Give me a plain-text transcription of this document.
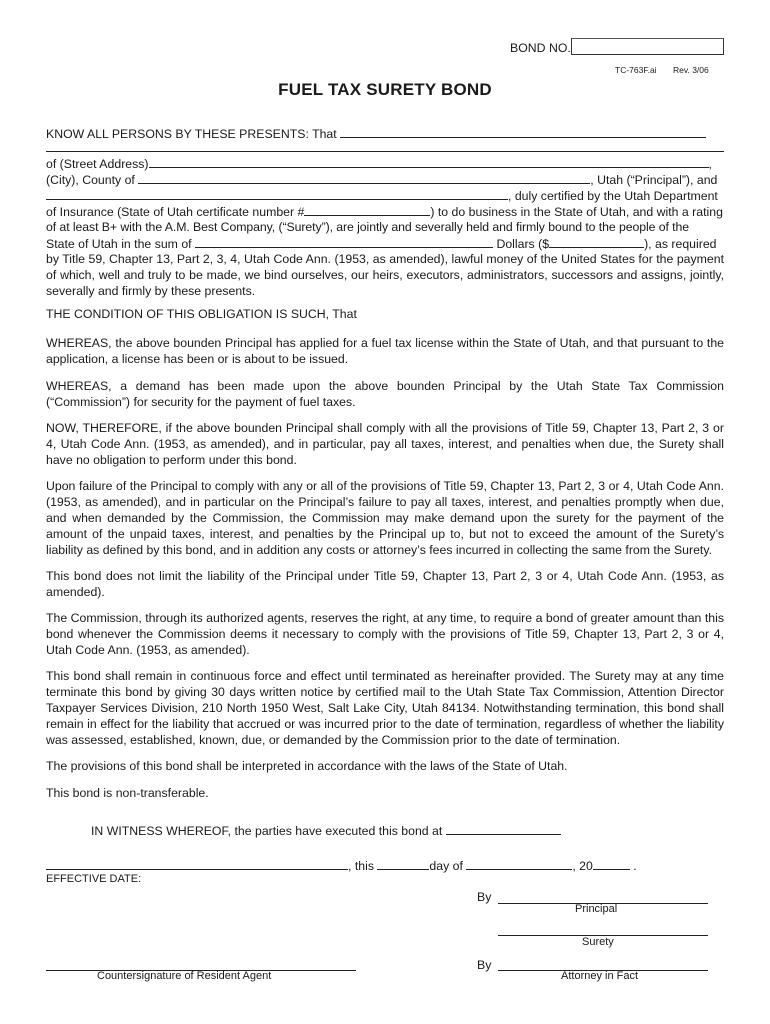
BOND NO.
TC-763F.ai Rev. 3/06
FUEL TAX SURETY BOND
KNOW ALL PERSONS BY THESE PRESENTS: That
of (Street Address)	,
(City), County of	, Utah (“Principal”), and
, duly certified by the Utah Department
of Insurance (State of Utah certificate number #	) to do business in the State of Utah, and with a rating
of at least B+ with the A.M. Best Company, (“Surety”), are jointly and severally held and firmly bound to the people of the
State of Utah in the sum of	Dollars ($	), as required

by Title 59, Chapter 13, Part 2, 3, 4, Utah Code Ann. (1953, as amended), lawful money of the United States for the payment of which, well and truly to be made, we bind ourselves, our heirs, executors, administrators, successors and assigns, jointly, severally and firmly by these presents.

THE CONDITION OF THIS OBLIGATION IS SUCH, That

WHEREAS, the above bounden Principal has applied for a fuel tax license within the State of Utah, and that pursuant to the application, a license has been or is about to be issued.

WHEREAS, a demand has been made upon the above bounden Principal by the Utah State Tax Commission (“Commission”) for security for the payment of fuel taxes.

NOW, THEREFORE, if the above bounden Principal shall comply with all the provisions of Title 59, Chapter 13, Part 2, 3 or 4, Utah Code Ann. (1953, as amended), and in particular, pay all taxes, interest, and penalties when due, the Surety shall have no obligation to perform under this bond.

Upon failure of the Principal to comply with any or all of the provisions of Title 59, Chapter 13, Part 2, 3 or 4, Utah Code Ann. (1953, as amended), and in particular on the Principal’s failure to pay all taxes, interest, and penalties promptly when due, and when demanded by the Commission, the Commission may make demand upon the surety for the payment of the amount of the unpaid taxes, interest, and penalties by the Principal up to, but not to exceed the amount of the Surety’s liability as defined by this bond, and in addition any costs or attorney’s fees incurred in collecting the same from the Surety.

This bond does not limit the liability of the Principal under Title 59, Chapter 13, Part 2, 3 or 4, Utah Code Ann. (1953, as amended).

The Commission, through its authorized agents, reserves the right, at any time, to require a bond of greater amount than this bond whenever the Commission deems it necessary to comply with the provisions of Title 59, Chapter 13, Part 2, 3 or 4, Utah Code Ann. (1953, as amended).

This bond shall remain in continuous force and effect until terminated as hereinafter provided. The Surety may at any time terminate this bond by giving 30 days written notice by certified mail to the Utah State Tax Commission, Attention Director Taxpayer Services Division, 210 North 1950 West, Salt Lake City, Utah 84134. Notwithstanding termination, this bond shall remain in effect for the liability that accrued or was incurred prior to the date of termination, regardless of whether the liability was assessed, established, known, due, or demanded by the Commission prior to the date of termination.

The provisions of this bond shall be interpreted in accordance with the laws of the State of Utah.

This bond is non-transferable.

IN WITNESS WHEREOF, the parties have executed this bond at
, this	day of	, 20	.
EFFECTIVE DATE:
By
Principal
Surety
By
Attorney in Fact
Countersignature of Resident Agent
